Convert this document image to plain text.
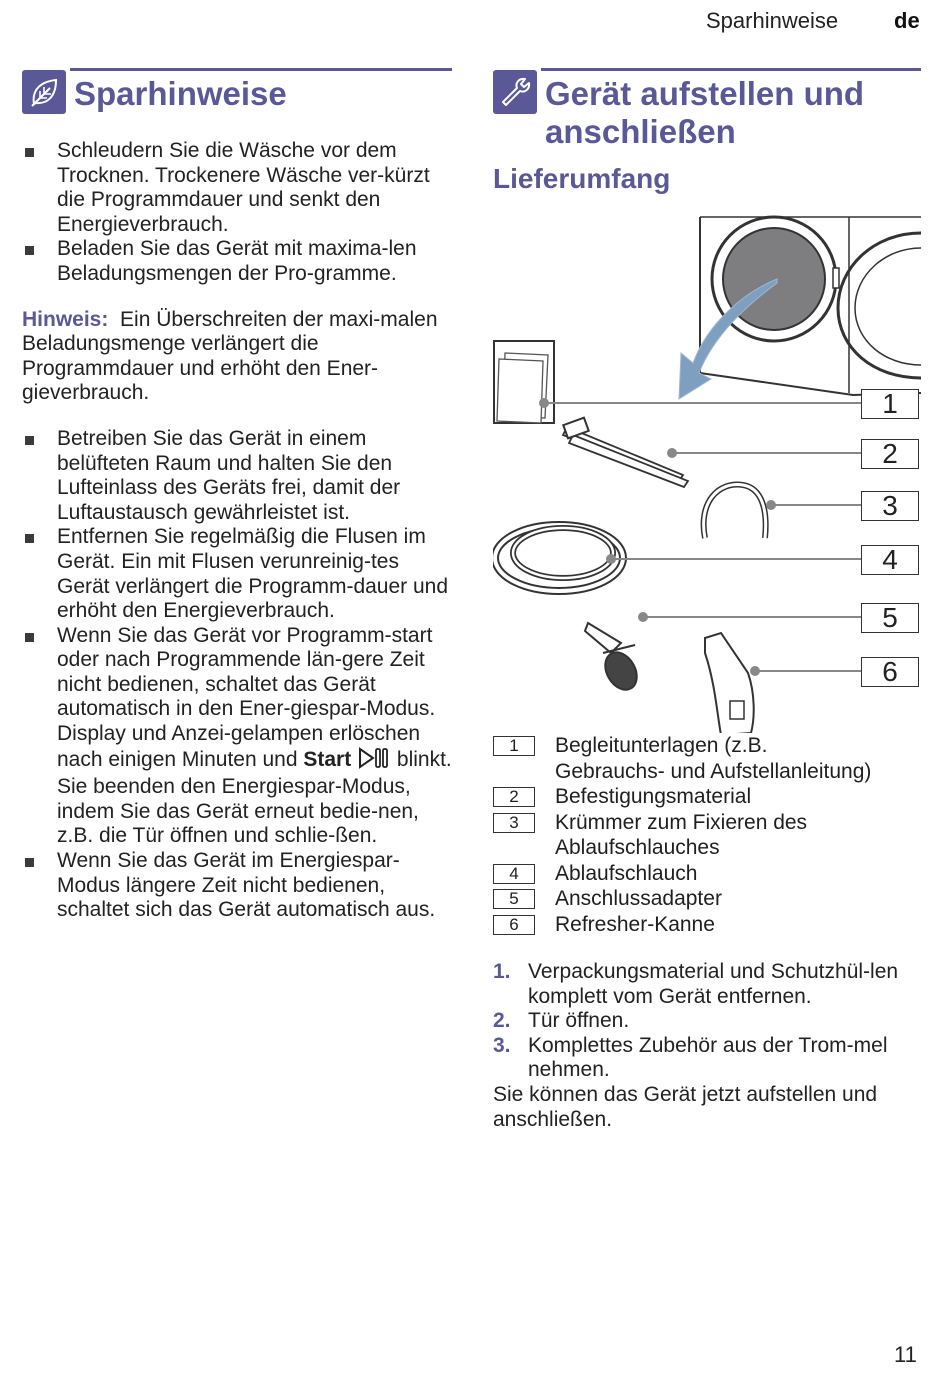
Sparhinweise	de
Sparhinweise
Schleudern Sie die Wäsche vor dem Trocknen. Trockenere Wäsche ver-kürzt die Programmdauer und senkt den Energieverbrauch.
Beladen Sie das Gerät mit maxima-len Beladungsmengen der Pro-gramme.
Hinweis: Ein Überschreiten der maxi-malen Beladungsmenge verlängert die Programmdauer und erhöht den Ener-gieverbrauch.
Betreiben Sie das Gerät in einem belüfteten Raum und halten Sie den Lufteinlass des Geräts frei, damit der Luftaustausch gewährleistet ist.
Entfernen Sie regelmäßig die Flusen im Gerät. Ein mit Flusen verunreinig-tes Gerät verlängert die Programm-dauer und erhöht den Energieverbrauch.
Wenn Sie das Gerät vor Programm-start oder nach Programmende län-gere Zeit nicht bedienen, schaltet das Gerät automatisch in den Ener-giespar-Modus. Display und Anzei-gelampen erlöschen nach einigen Minuten und Start blinkt. Sie beenden den Energiespar-Modus, indem Sie das Gerät erneut bedie-nen, z.B. die Tür öffnen und schlie-ßen.
Wenn Sie das Gerät im Energiespar-Modus längere Zeit nicht bedienen, schaltet sich das Gerät automatisch aus.
Gerät aufstellen und
anschließen
Lieferumfang
1
2
3
4
5
6
1	Begleitunterlagen (z.B.
Gebrauchs- und Aufstellanleitung)
2	Befestigungsmaterial
3	Krümmer zum Fixieren des
Ablaufschlauches
4	Ablaufschlauch
5	Anschlussadapter
6	Refresher-Kanne
1. Verpackungsmaterial und Schutzhül-len komplett vom Gerät entfernen.
2. Tür öffnen.
3. Komplettes Zubehör aus der Trom-mel nehmen.
Sie können das Gerät jetzt aufstellen und anschließen.
11
